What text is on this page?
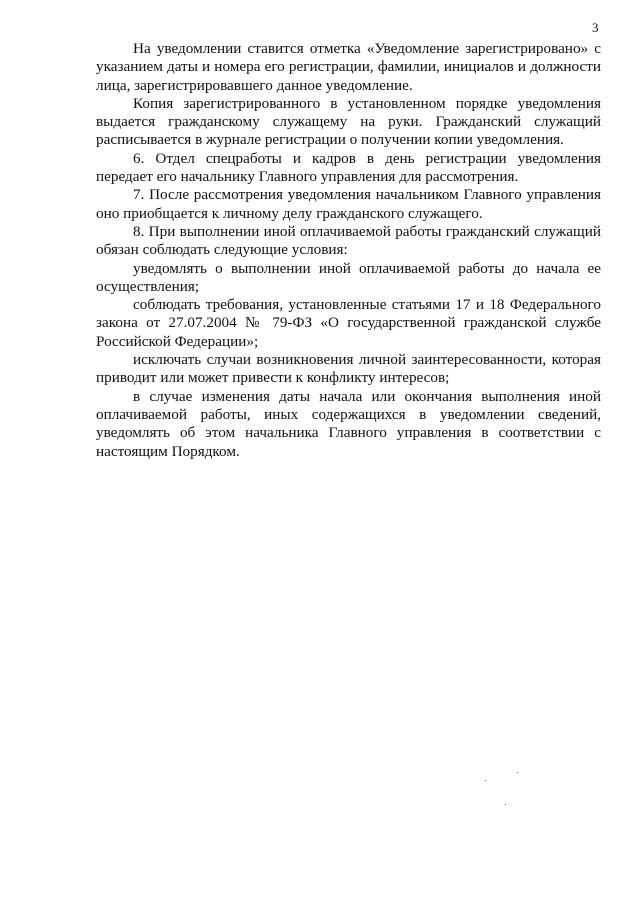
3

На уведомлении ставится отметка «Уведомление зарегистрировано» с указанием даты и номера его регистрации, фамилии, инициалов и должности лица, зарегистрировавшего данное уведомление.

Копия зарегистрированного в установленном порядке уведомления выдается гражданскому служащему на руки. Гражданский служащий расписывается в журнале регистрации о получении копии уведомления.

6. Отдел спецработы и кадров в день регистрации уведомления передает его начальнику Главного управления для рассмотрения.

7. После рассмотрения уведомления начальником Главного управления оно приобщается к личному делу гражданского служащего.

8. При выполнении иной оплачиваемой работы гражданский служащий обязан соблюдать следующие условия:

уведомлять о выполнении иной оплачиваемой работы до начала ее осуществления;

соблюдать требования, установленные статьями 17 и 18 Федерального закона от 27.07.2004 № 79-ФЗ «О государственной гражданской службе Российской Федерации»;

исключать случаи возникновения личной заинтересованности, которая приводит или может привести к конфликту интересов;

в случае изменения даты начала или окончания выполнения иной оплачиваемой работы, иных содержащихся в уведомлении сведений, уведомлять об этом начальника Главного управления в соответствии с настоящим Порядком.
